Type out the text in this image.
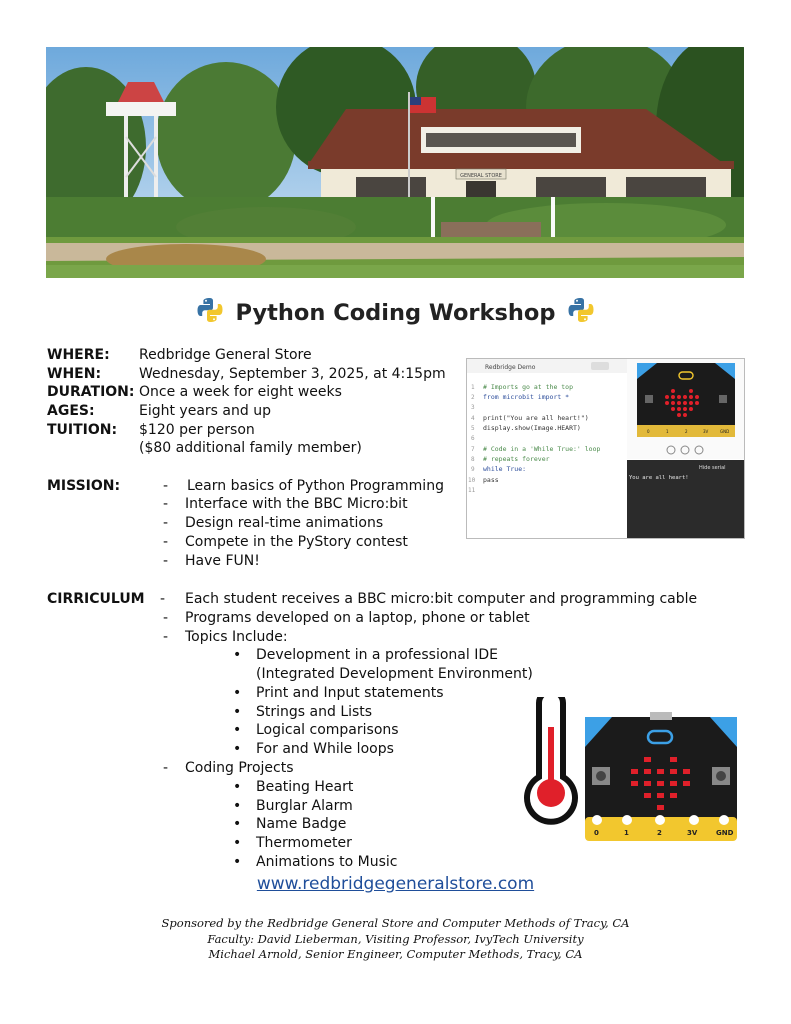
GENERAL STORE
Python Coding Workshop
WHERE: Redbridge General Store
WHEN:	Wednesday, September 3, 2025, at 4:15pm
DURATION: Once a week for eight weeks
AGES:	Eight years and up
TUITION: $120 per person
($80 additional family member)
MISSION:	- Learn basics of Python Programming
- Interface with the BBC Micro:bit
- Design real-time animations
- Compete in the PyStory contest
- Have FUN!
Redbridge Demo
1
2
3
4
5
6
7
8
9
10
11
# Imports go at the top
from microbit import *
print("You are all heart!")
display.show(Image.HEART)
# Code in a 'While True:' loop
# repeats forever
while True:
pass
0	1	2	3V	GND
Hide serial
You are all heart!
CIRRICULUM - Each student receives a BBC micro:bit computer and programming cable
- Programs developed on a laptop, phone or tablet
- Topics Include:
• Development in a professional IDE
(Integrated Development Environment)
• Print and Input statements
• Strings and Lists
• Logical comparisons
• For and While loops
- Coding Projects
• Beating Heart
• Burglar Alarm
• Name Badge
• Thermometer
• Animations to Music
0	1	2	3V	GND
www.redbridgegeneralstore.com
Sponsored by the Redbridge General Store and Computer Methods of Tracy, CA
Faculty: David Lieberman, Visiting Professor, IvyTech University
Michael Arnold, Senior Engineer, Computer Methods, Tracy, CA
